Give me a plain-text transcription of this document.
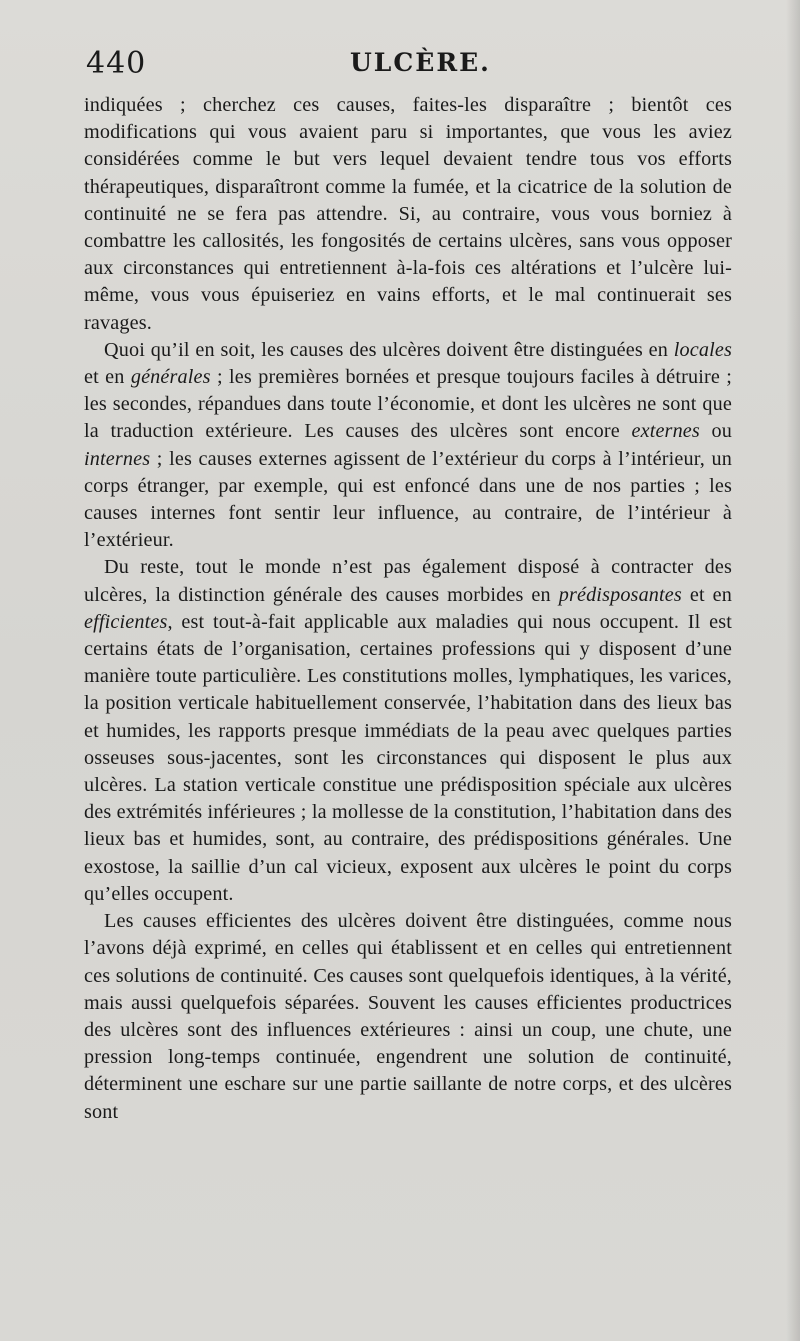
440	ULCÈRE.

indiquées ; cherchez ces causes, faites-les disparaître ; bientôt ces modifications qui vous avaient paru si importantes, que vous les aviez considérées comme le but vers lequel devaient tendre tous vos efforts thérapeutiques, disparaîtront comme la fumée, et la cicatrice de la solution de continuité ne se fera pas attendre. Si, au contraire, vous vous borniez à combattre les callosités, les fongosités de certains ulcères, sans vous opposer aux circonstances qui entretiennent à-la-fois ces altérations et l’ulcère lui-même, vous vous épuiseriez en vains efforts, et le mal continuerait ses ravages.

Quoi qu’il en soit, les causes des ulcères doivent être distinguées en locales et en générales ; les premières bornées et presque toujours faciles à détruire ; les secondes, répandues dans toute l’économie, et dont les ulcères ne sont que la traduction extérieure. Les causes des ulcères sont encore externes ou internes ; les causes externes agissent de l’extérieur du corps à l’intérieur, un corps étranger, par exemple, qui est enfoncé dans une de nos parties ; les causes internes font sentir leur influence, au contraire, de l’intérieur à l’extérieur.

Du reste, tout le monde n’est pas également disposé à contracter des ulcères, la distinction générale des causes morbides en prédisposantes et en efficientes, est tout-à-fait applicable aux maladies qui nous occupent. Il est certains états de l’organisation, certaines professions qui y disposent d’une manière toute particulière. Les constitutions molles, lymphatiques, les varices, la position verticale habituellement conservée, l’habitation dans des lieux bas et humides, les rapports presque immédiats de la peau avec quelques parties osseuses sous-jacentes, sont les circonstances qui disposent le plus aux ulcères. La station verticale constitue une prédisposition spéciale aux ulcères des extrémités inférieures ; la mollesse de la constitution, l’habitation dans des lieux bas et humides, sont, au contraire, des prédispositions générales. Une exostose, la saillie d’un cal vicieux, exposent aux ulcères le point du corps qu’elles occupent.

Les causes efficientes des ulcères doivent être distinguées, comme nous l’avons déjà exprimé, en celles qui établissent et en celles qui entretiennent ces solutions de continuité. Ces causes sont quelquefois identiques, à la vérité, mais aussi quelquefois séparées. Souvent les causes efficientes productrices des ulcères sont des influences extérieures : ainsi un coup, une chute, une pression long-temps continuée, engendrent une solution de continuité, déterminent une eschare sur une partie saillante de notre corps, et des ulcères sont
